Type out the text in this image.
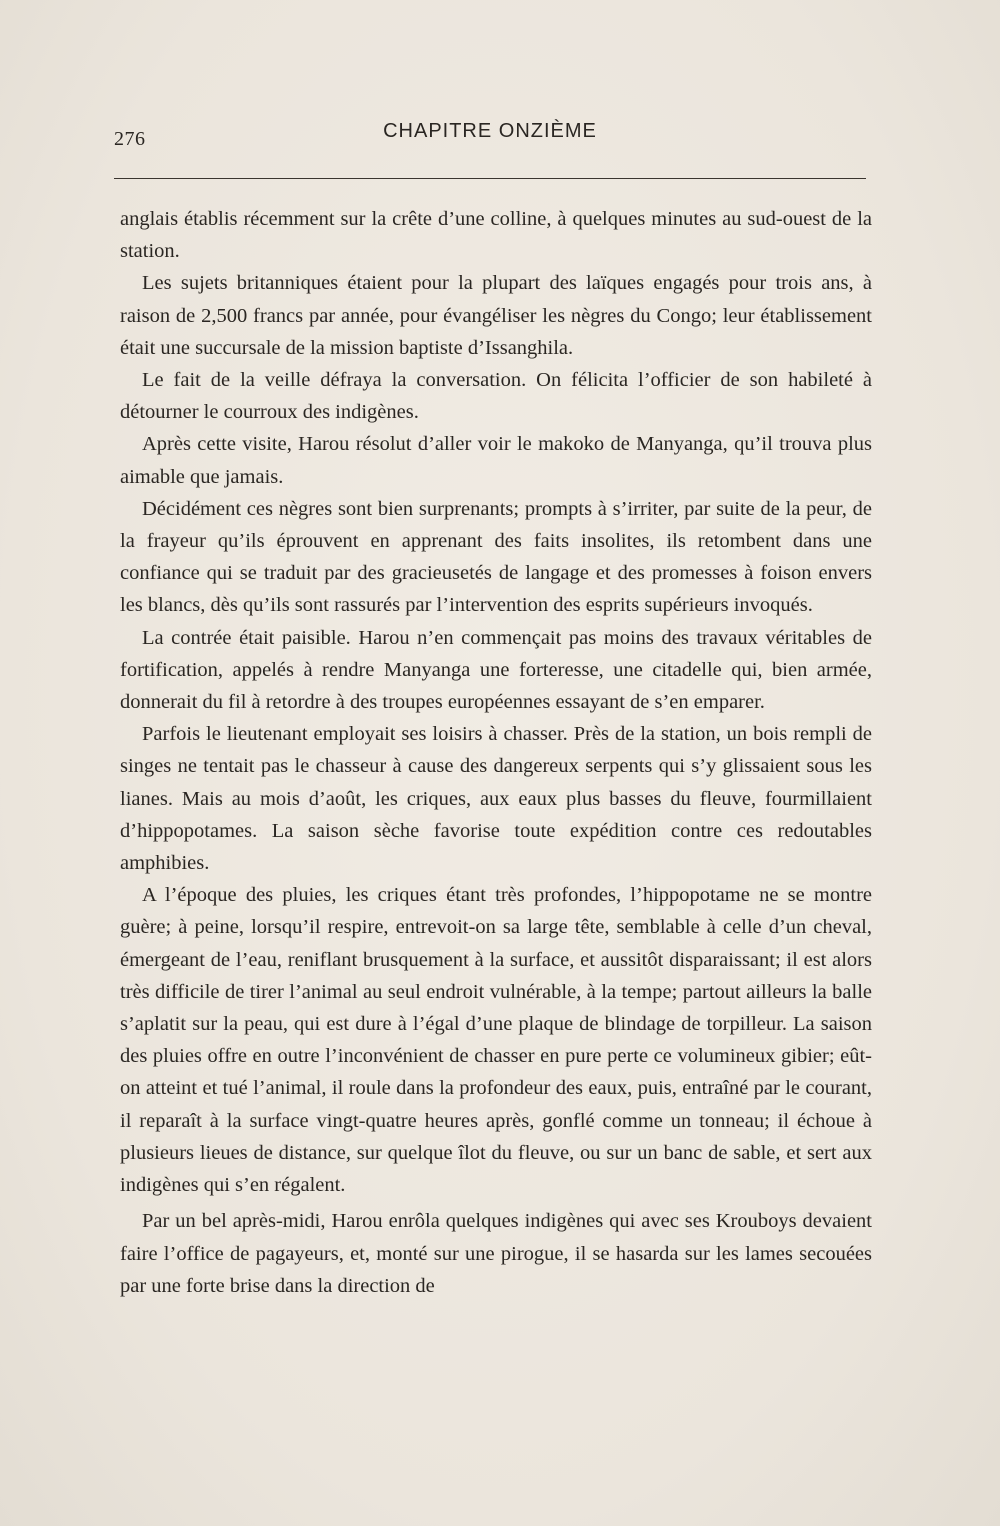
276	CHAPITRE ONZIÈME

anglais établis récemment sur la crête d’une colline, à quelques minutes au sud-ouest de la station.

Les sujets britanniques étaient pour la plupart des laïques engagés pour trois ans, à raison de 2,500 francs par année, pour évangéliser les nègres du Congo; leur établissement était une succursale de la mission baptiste d’Issanghila.

Le fait de la veille défraya la conversation. On félicita l’officier de son habileté à détourner le courroux des indigènes.

Après cette visite, Harou résolut d’aller voir le makoko de Manyanga, qu’il trouva plus aimable que jamais.

Décidément ces nègres sont bien surprenants; prompts à s’irriter, par suite de la peur, de la frayeur qu’ils éprouvent en apprenant des faits insolites, ils retombent dans une confiance qui se traduit par des gracieusetés de langage et des promesses à foison envers les blancs, dès qu’ils sont rassurés par l’intervention des esprits supérieurs invoqués.

La contrée était paisible. Harou n’en commençait pas moins des travaux véritables de fortification, appelés à rendre Manyanga une forteresse, une citadelle qui, bien armée, donnerait du fil à retordre à des troupes européennes essayant de s’en emparer.

Parfois le lieutenant employait ses loisirs à chasser. Près de la station, un bois rempli de singes ne tentait pas le chasseur à cause des dangereux serpents qui s’y glissaient sous les lianes. Mais au mois d’août, les criques, aux eaux plus basses du fleuve, fourmillaient d’hippopotames. La saison sèche favorise toute expédition contre ces redoutables amphibies.

A l’époque des pluies, les criques étant très profondes, l’hippopotame ne se montre guère; à peine, lorsqu’il respire, entrevoit-on sa large tête, semblable à celle d’un cheval, émergeant de l’eau, reniflant brusquement à la surface, et aussitôt disparaissant; il est alors très difficile de tirer l’animal au seul endroit vulnérable, à la tempe; partout ailleurs la balle s’aplatit sur la peau, qui est dure à l’égal d’une plaque de blindage de torpilleur. La saison des pluies offre en outre l’inconvénient de chasser en pure perte ce volumineux gibier; eût-on atteint et tué l’animal, il roule dans la profondeur des eaux, puis, entraîné par le courant, il reparaît à la surface vingt-quatre heures après, gonflé comme un tonneau; il échoue à plusieurs lieues de distance, sur quelque îlot du fleuve, ou sur un banc de sable, et sert aux indigènes qui s’en régalent.

Par un bel après-midi, Harou enrôla quelques indigènes qui avec ses Krouboys devaient faire l’office de pagayeurs, et, monté sur une pirogue, il se hasarda sur les lames secouées par une forte brise dans la direction de
